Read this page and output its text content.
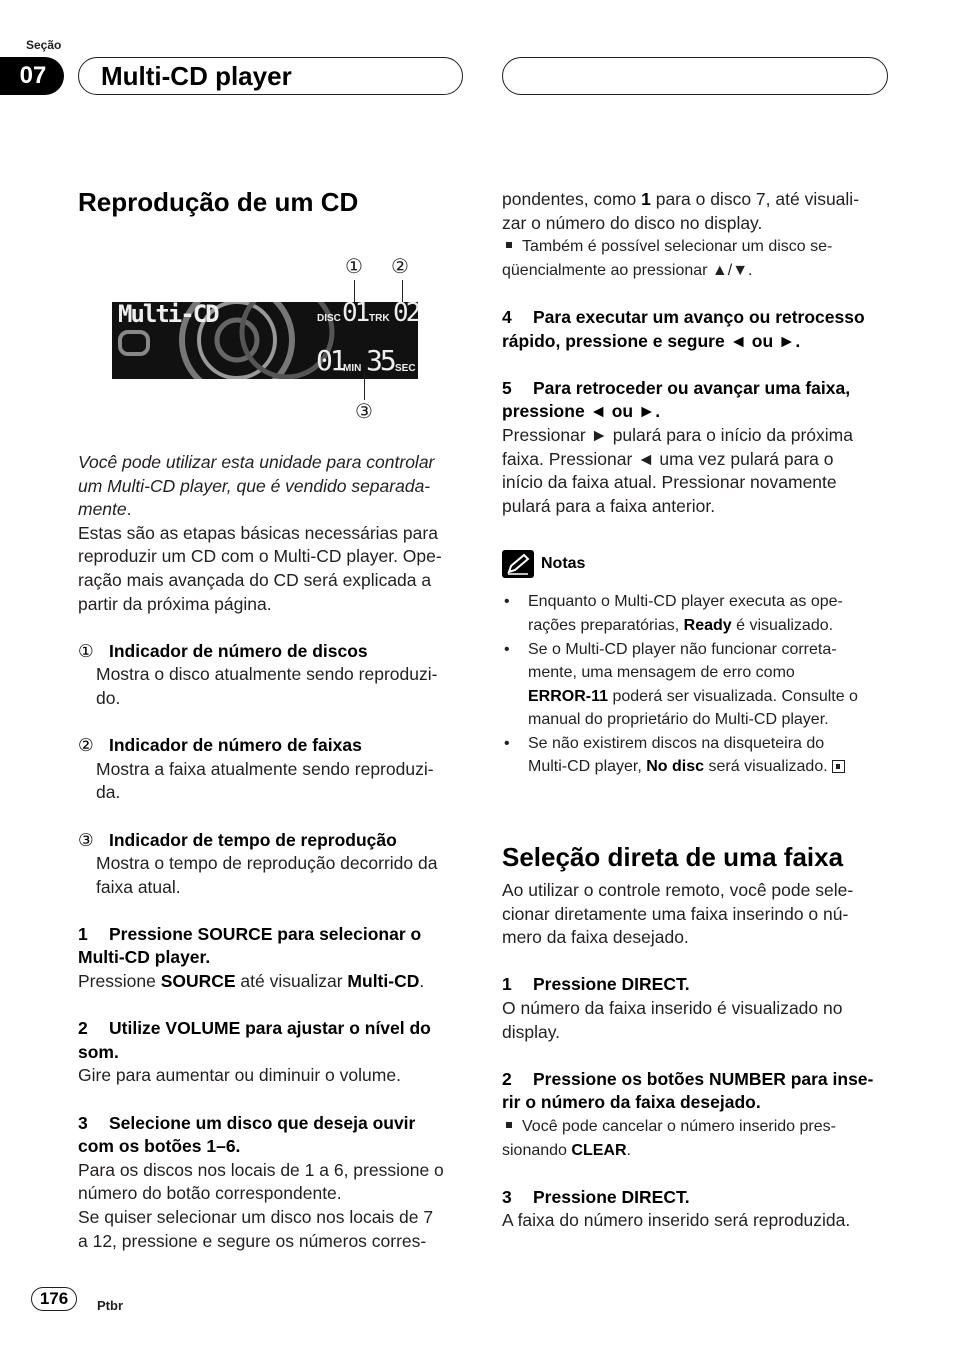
Seção
07	Multi-CD player
Reprodução de um CD
① ②
Multi-CD	DISC 01 TRK 02
01 MIN 35 SEC
③

Você pode utilizar esta unidade para controlar

um Multi-CD player, que é vendido separada-

mente.

Estas são as etapas básicas necessárias para

reproduzir um CD com o Multi-CD player. Ope-

ração mais avançada do CD será explicada a

partir da próxima página.

① Indicador de número de discos

Mostra o disco atualmente sendo reproduzi-

do.

② Indicador de número de faixas

Mostra a faixa atualmente sendo reproduzi-

da.

③ Indicador de tempo de reprodução

Mostra o tempo de reprodução decorrido da

faixa atual.

1 Pressione SOURCE para selecionar o

Multi-CD player.

Pressione SOURCE até visualizar Multi-CD.

2 Utilize VOLUME para ajustar o nível do

som.

Gire para aumentar ou diminuir o volume.

3 Selecione um disco que deseja ouvir

com os botões 1–6.

Para os discos nos locais de 1 a 6, pressione o

número do botão correspondente.

Se quiser selecionar um disco nos locais de 7

a 12, pressione e segure os números corres-

pondentes, como 1 para o disco 7, até visuali-

zar o número do disco no display.

Também é possível selecionar um disco se-

qüencialmente ao pressionar ▲/▼.

4 Para executar um avanço ou retrocesso

rápido, pressione e segure ◄ ou ►.

5 Para retroceder ou avançar uma faixa,

pressione ◄ ou ►.

Pressionar ► pulará para o início da próxima

faixa. Pressionar ◄ uma vez pulará para o

início da faixa atual. Pressionar novamente

pulará para a faixa anterior.

Notas

• Enquanto o Multi-CD player executa as ope-

rações preparatórias, Ready é visualizado.

• Se o Multi-CD player não funcionar correta-

mente, uma mensagem de erro como

ERROR-11 poderá ser visualizada. Consulte o

manual do proprietário do Multi-CD player.

• Se não existirem discos na disqueteira do

Multi-CD player, No disc será visualizado.

Seleção direta de uma faixa

Ao utilizar o controle remoto, você pode sele-

cionar diretamente uma faixa inserindo o nú-

mero da faixa desejado.

1 Pressione DIRECT.

O número da faixa inserido é visualizado no

display.

2 Pressione os botões NUMBER para inse-

rir o número da faixa desejado.

Você pode cancelar o número inserido pres-

sionando CLEAR.

3 Pressione DIRECT.

A faixa do número inserido será reproduzida.

176	Ptbr
